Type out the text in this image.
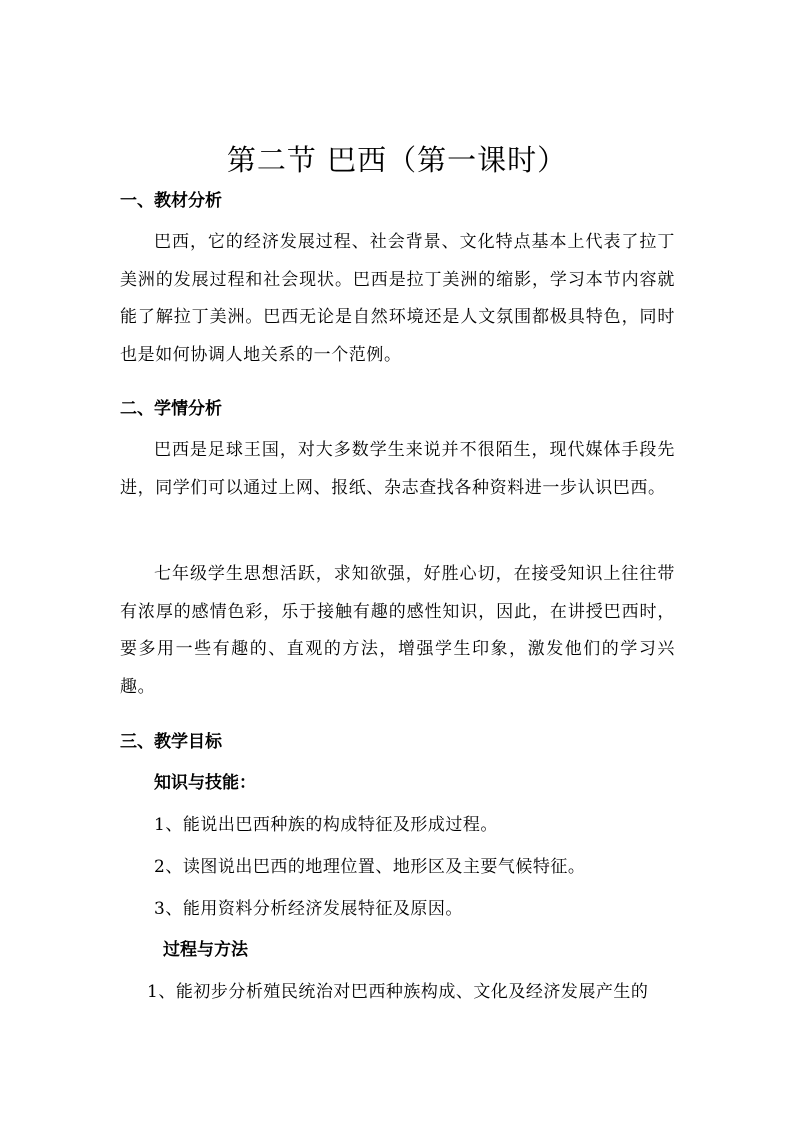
第二节 巴西（第一课时）
一、教材分析

巴西，它的经济发展过程、社会背景、文化特点基本上代表了拉丁美洲的发展过程和社会现状。巴西是拉丁美洲的缩影，学习本节内容就能了解拉丁美洲。巴西无论是自然环境还是人文氛围都极具特色，同时也是如何协调人地关系的一个范例。

二、学情分析

巴西是足球王国，对大多数学生来说并不很陌生，现代媒体手段先进，同学们可以通过上网、报纸、杂志查找各种资料进一步认识巴西。

七年级学生思想活跃，求知欲强，好胜心切，在接受知识上往往带有浓厚的感情色彩，乐于接触有趣的感性知识，因此，在讲授巴西时，要多用一些有趣的、直观的方法，增强学生印象，激发他们的学习兴趣。

三、教学目标
知识与技能：
1、能说出巴西种族的构成特征及形成过程。
2、读图说出巴西的地理位置、地形区及主要气候特征。
3、能用资料分析经济发展特征及原因。
过程与方法
1、能初步分析殖民统治对巴西种族构成、文化及经济发展产生的
